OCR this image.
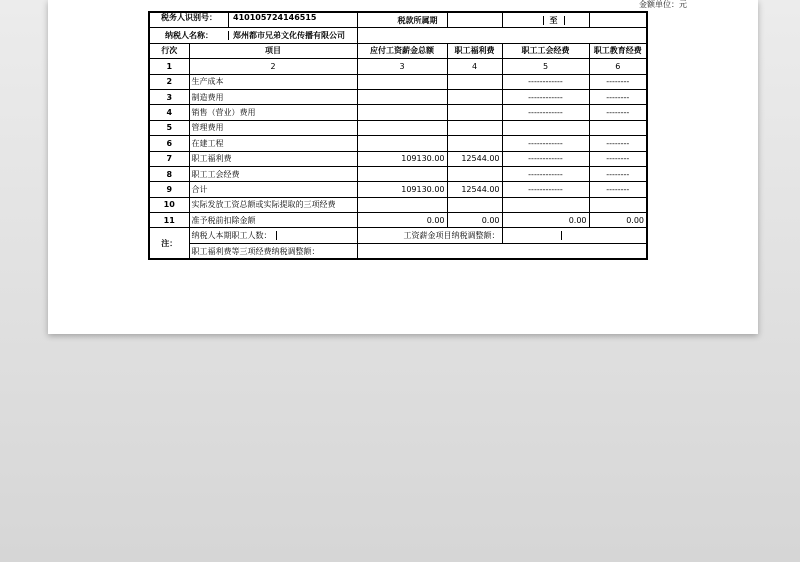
金额单位：元
税务人识别号： 410105724146515		税款所属期		至	

纳税人名称： 郑州都市兄弟文化传播有限公司					

行次	项目	应付工资薪金总额	职工福利费	职工工会经费	职工教育经费
1	2	3	4	5	6
2	生产成本			------------	--------
3	制造费用			------------	--------
4	销售（营业）费用			------------	--------
5	管理费用				
6	在建工程			------------	--------
7	职工福利费	109130.00	12544.00	------------	--------
8	职工工会经费			------------	--------
9	合计	109130.00	12544.00	------------	--------
10	实际发放工资总额或实际提取的三项经费				
11	准予税前扣除金额	0.00	0.00	0.00	0.00
注：	纳税人本期职工人数：	工资薪金项目纳税调整额：			

	职工福利费等三项经费纳税调整额：				
